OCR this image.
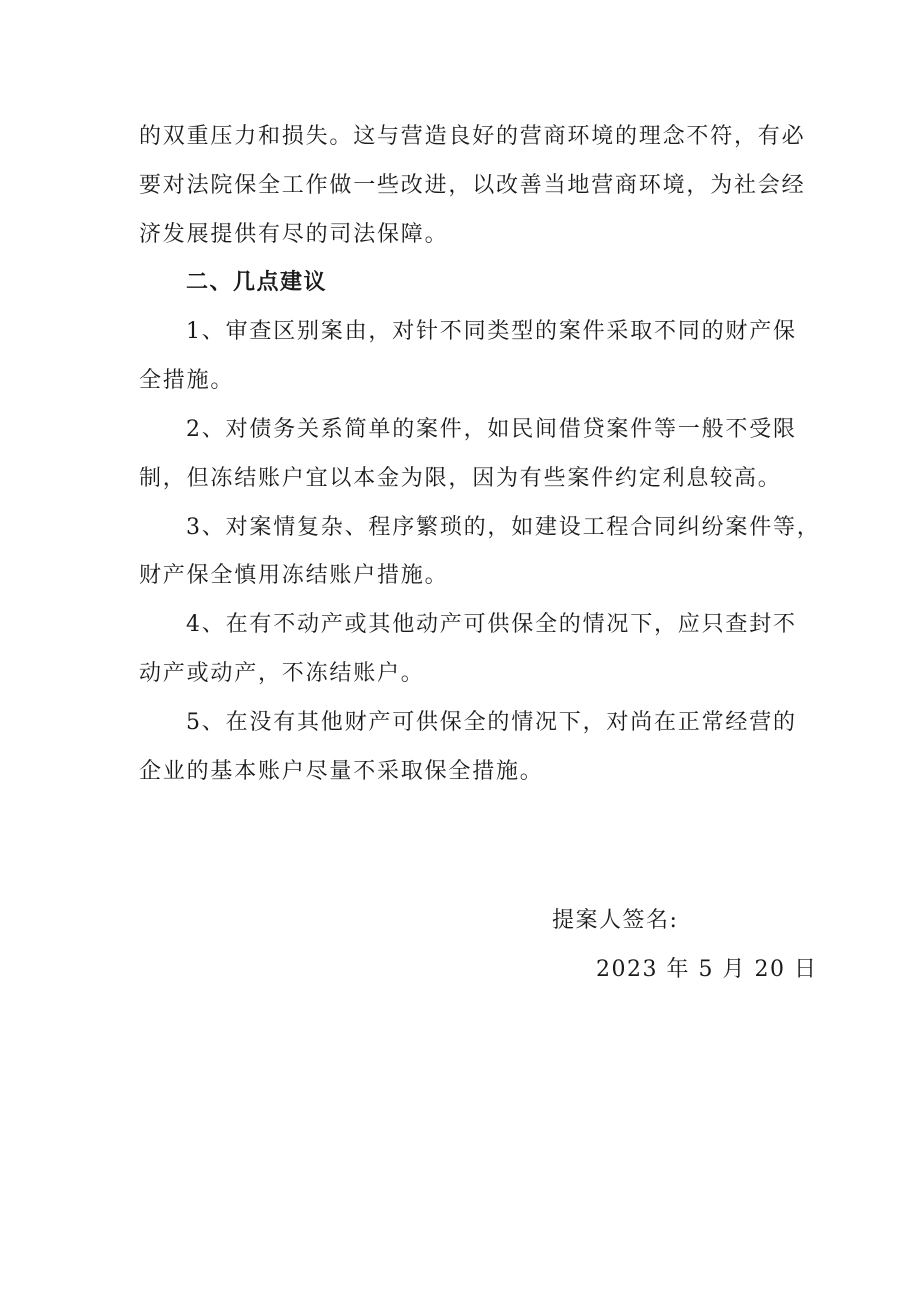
的双重压力和损失。这与营造良好的营商环境的理念不符，有必
要对法院保全工作做一些改进，以改善当地营商环境，为社会经
济发展提供有尽的司法保障。
二、几点建议
1、审查区别案由，对针不同类型的案件采取不同的财产保
全措施。
2、对债务关系简单的案件，如民间借贷案件等一般不受限
制，但冻结账户宜以本金为限，因为有些案件约定利息较高。
3、对案情复杂、程序繁琐的，如建设工程合同纠纷案件等，
财产保全慎用冻结账户措施。
4、在有不动产或其他动产可供保全的情况下，应只查封不
动产或动产，不冻结账户。
5、在没有其他财产可供保全的情况下，对尚在正常经营的
企业的基本账户尽量不采取保全措施。
提案人签名:
2023 年 5 月 20 日
